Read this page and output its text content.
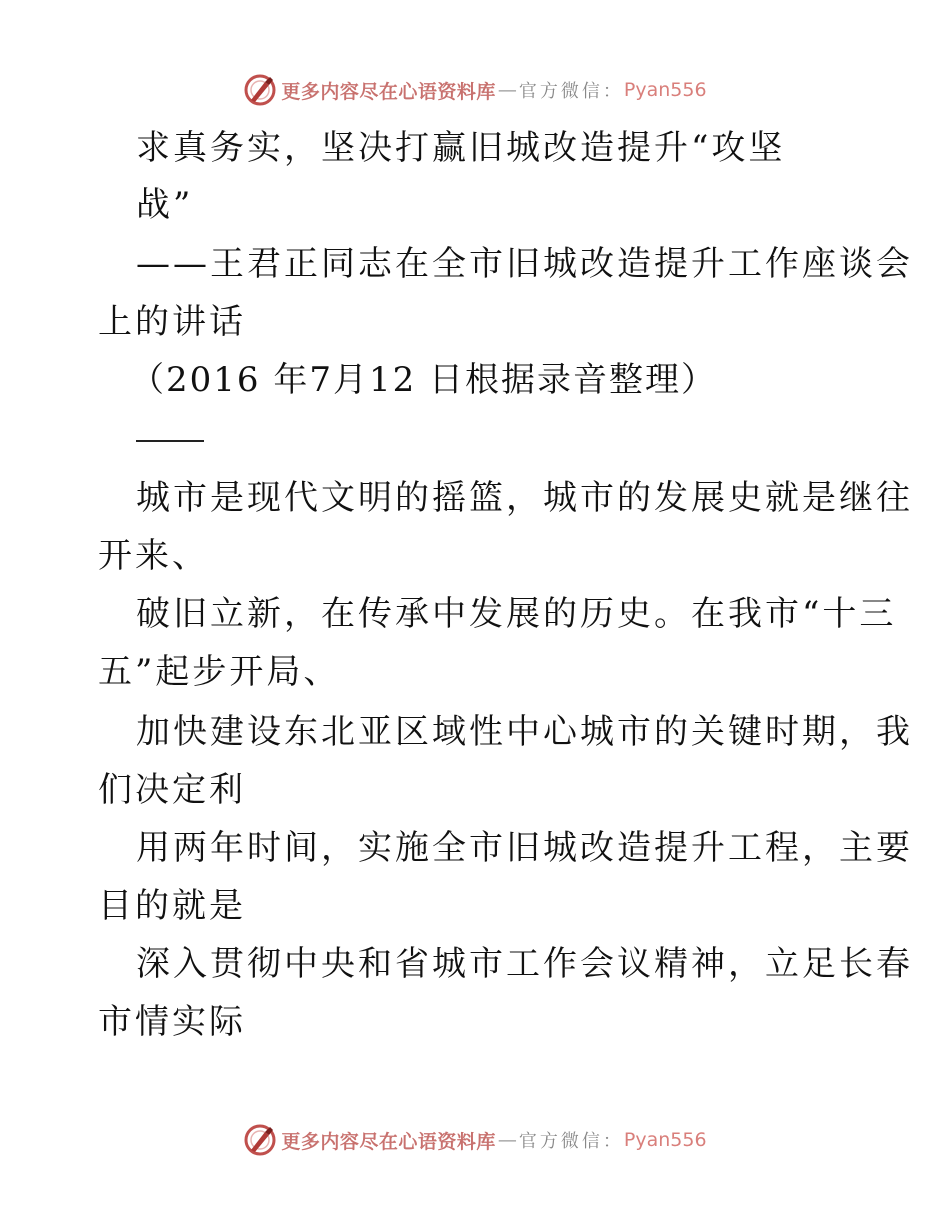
更多内容尽在心语资料库 — 官方微信： Pyan556
求真务实，坚决打赢旧城改造提升“攻坚
战”
——王君正同志在全市旧城改造提升工作座谈会
上的讲话
（2016 年7月12 日根据录音整理）
城市是现代文明的摇篮，城市的发展史就是继往
开来、
破旧立新，在传承中发展的历史。在我市“十三
五”起步开局、
加快建设东北亚区域性中心城市的关键时期，我
们决定利
用两年时间，实施全市旧城改造提升工程，主要
目的就是
深入贯彻中央和省城市工作会议精神，立足长春
市情实际
更多内容尽在心语资料库 — 官方微信： Pyan556
